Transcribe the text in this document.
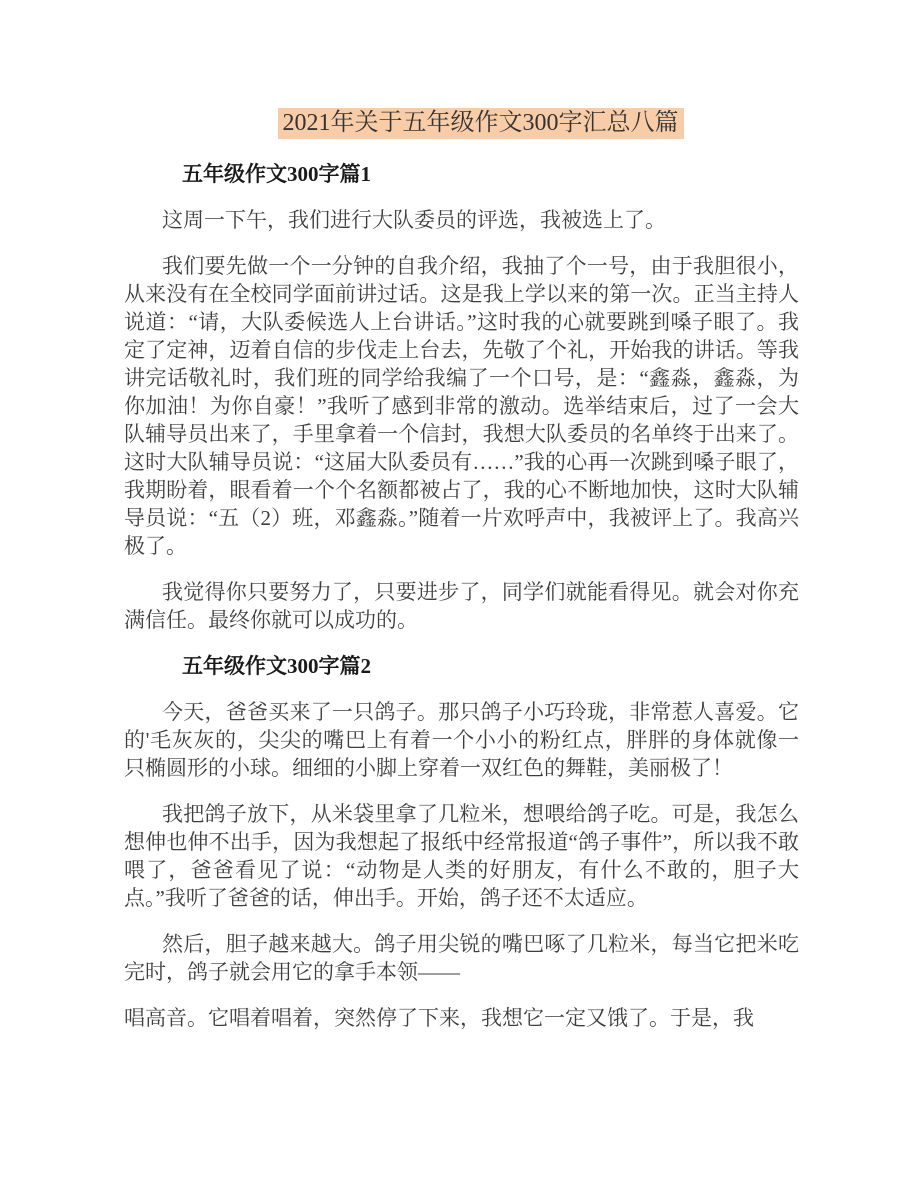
2021年关于五年级作文300字汇总八篇

五年级作文300字篇1

这周一下午，我们进行大队委员的评选，我被选上了。

我们要先做一个一分钟的自我介绍，我抽了个一号，由于我胆很小，从来没有在全校同学面前讲过话。这是我上学以来的第一次。正当主持人说道：“请，大队委候选人上台讲话。”这时我的心就要跳到嗓子眼了。我定了定神，迈着自信的步伐走上台去，先敬了个礼，开始我的讲话。等我讲完话敬礼时，我们班的同学给我编了一个口号，是：“鑫淼，鑫淼，为你加油！为你自豪！”我听了感到非常的激动。选举结束后，过了一会大队辅导员出来了，手里拿着一个信封，我想大队委员的名单终于出来了。这时大队辅导员说：“这届大队委员有……”我的心再一次跳到嗓子眼了，我期盼着，眼看着一个个名额都被占了，我的心不断地加快，这时大队辅导员说：“五（2）班，邓鑫淼。”随着一片欢呼声中，我被评上了。我高兴极了。

我觉得你只要努力了，只要进步了，同学们就能看得见。就会对你充满信任。最终你就可以成功的。

五年级作文300字篇2

今天，爸爸买来了一只鸽子。那只鸽子小巧玲珑，非常惹人喜爱。它的'毛灰灰的，尖尖的嘴巴上有着一个小小的粉红点，胖胖的身体就像一只椭圆形的小球。细细的小脚上穿着一双红色的舞鞋，美丽极了！

我把鸽子放下，从米袋里拿了几粒米，想喂给鸽子吃。可是，我怎么想伸也伸不出手，因为我想起了报纸中经常报道“鸽子事件”，所以我不敢喂了，爸爸看见了说：“动物是人类的好朋友，有什么不敢的，胆子大点。”我听了爸爸的话，伸出手。开始，鸽子还不太适应。

然后，胆子越来越大。鸽子用尖锐的嘴巴啄了几粒米，每当它把米吃完时，鸽子就会用它的拿手本领——

唱高音。它唱着唱着，突然停了下来，我想它一定又饿了。于是，我
